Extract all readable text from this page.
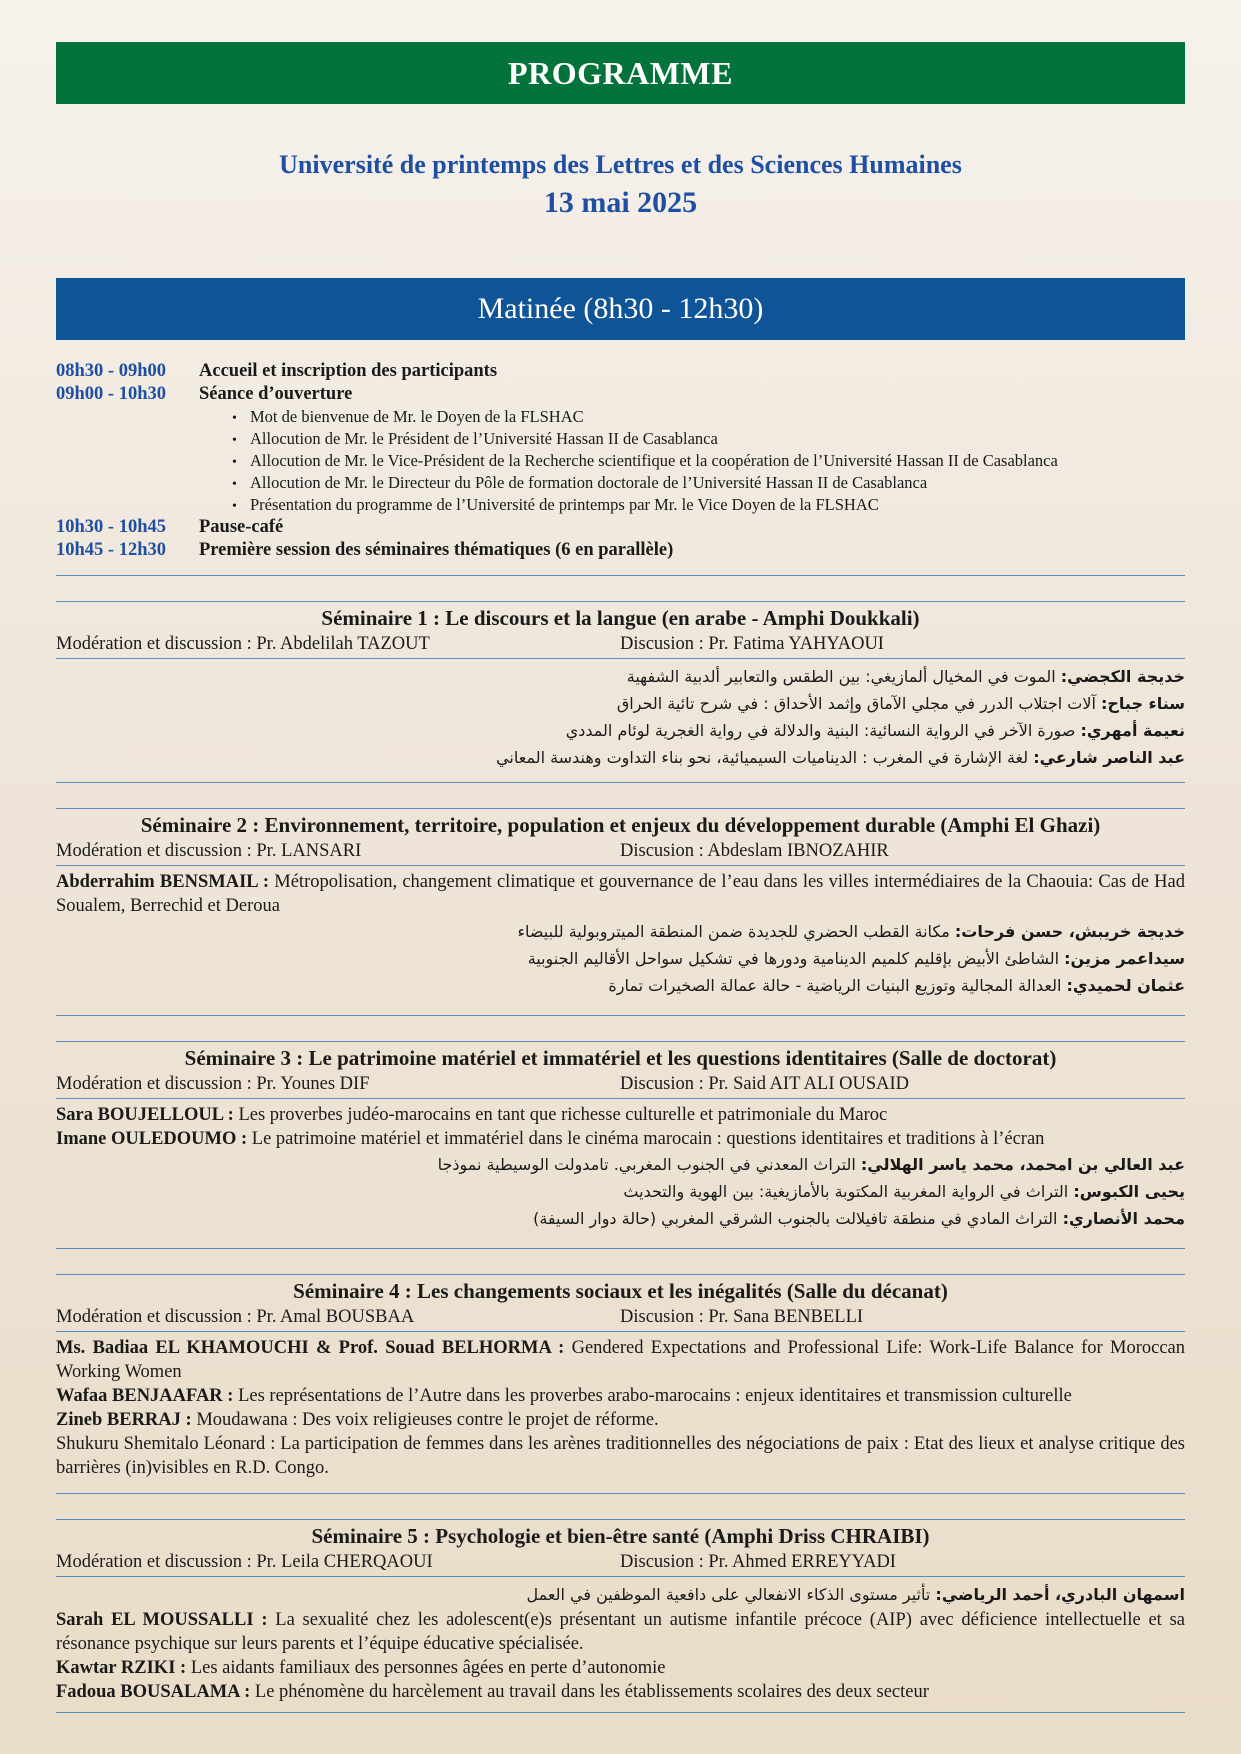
PROGRAMME
Université de printemps des Lettres et des Sciences Humaines
13 mai 2025
Matinée (8h30 - 12h30)
08h30 - 09h00	Accueil et inscription des participants
09h00 - 10h30	Séance d’ouverture
• Mot de bienvenue de Mr. le Doyen de la FLSHAC
• Allocution de Mr. le Président de l’Université Hassan II de Casablanca
• Allocution de Mr. le Vice-Président de la Recherche scientifique et la coopération de l’Université Hassan II de Casablanca
• Allocution de Mr. le Directeur du Pôle de formation doctorale de l’Université Hassan II de Casablanca
• Présentation du programme de l’Université de printemps par Mr. le Vice Doyen de la FLSHAC
10h30 - 10h45	Pause-café
10h45 - 12h30	Première session des séminaires thématiques (6 en parallèle)
Séminaire 1 : Le discours et la langue (en arabe - Amphi Doukkali)
Modération et discussion : Pr. Abdelilah TAZOUT	Discusion : Pr. Fatima YAHYAOUI
خديجة الكجضي: الموت في المخيال ألمازيغي: بين الطقس والتعابير ألدبية الشفهية
سناء جباح: آلات اجتلاب الدرر في مجلي الآماق وإثمد الأحداق : في شرح تائية الحراق
نعيمة أمهري: صورة الآخر في الرواية النسائية: البنية والدلالة في رواية الغجرية لوئام المددي
عبد الناصر شارعي: لغة الإشارة في المغرب : الديناميات السيميائية، نحو بناء التداوت وهندسة المعاني
Séminaire 2 : Environnement, territoire, population et enjeux du développement durable (Amphi El Ghazi)
Modération et discussion : Pr. LANSARI	Discusion : Abdeslam IBNOZAHIR
Abderrahim BENSMAIL : Métropolisation, changement climatique et gouvernance de l’eau dans les villes intermédiaires de la Chaouia: Cas de Had Soualem, Berrechid et Deroua
خديجة خريبش، حسن فرحات: مكانة القطب الحضري للجديدة ضمن المنطقة الميتروبولية للبيضاء
سيداعمر مزين: الشاطئ الأبيض بإقليم كلميم الدينامية ودورها في تشكيل سواحل الأقاليم الجنوبية
عثمان لحميدي: العدالة المجالية وتوزيع البنيات الرياضية - حالة عمالة الصخيرات تمارة
Séminaire 3 : Le patrimoine matériel et immatériel et les questions identitaires (Salle de doctorat)
Modération et discussion : Pr. Younes DIF	Discusion : Pr. Said AIT ALI OUSAID
Sara BOUJELLOUL : Les proverbes judéo-marocains en tant que richesse culturelle et patrimoniale du Maroc
Imane OULEDOUMO : Le patrimoine matériel et immatériel dans le cinéma marocain : questions identitaires et traditions à l’écran
عبد العالي بن امحمد، محمد ياسر الهلالي: التراث المعدني في الجنوب المغربي. تامدولت الوسيطية نموذجا
يحيى الكبوس: التراث في الرواية المغربية المكتوبة بالأمازيغية: بين الهوية والتحديث
محمد الأنصاري: التراث المادي في منطقة تافيلالت بالجنوب الشرقي المغربي (حالة دوار السيفة)
Séminaire 4 : Les changements sociaux et les inégalités (Salle du décanat)
Modération et discussion : Pr. Amal BOUSBAA	Discusion : Pr. Sana BENBELLI
Ms. Badiaa EL KHAMOUCHI & Prof. Souad BELHORMA : Gendered Expectations and Professional Life: Work-Life Balance for Moroccan Working Women
Wafaa BENJAAFAR : Les représentations de l’Autre dans les proverbes arabo-marocains : enjeux identitaires et transmission culturelle
Zineb BERRAJ : Moudawana : Des voix religieuses contre le projet de réforme.
Shukuru Shemitalo Léonard : La participation de femmes dans les arènes traditionnelles des négociations de paix : Etat des lieux et analyse critique des barrières (in)visibles en R.D. Congo.
Séminaire 5 : Psychologie et bien-être santé (Amphi Driss CHRAIBI)
Modération et discussion : Pr. Leila CHERQAOUI	Discusion : Pr. Ahmed ERREYYADI
اسمهان البادري، أحمد الرياضي: تأثير مستوى الذكاء الانفعالي على دافعية الموظفين في العمل
Sarah EL MOUSSALLI : La sexualité chez les adolescent(e)s présentant un autisme infantile précoce (AIP) avec déficience intellectuelle et sa résonance psychique sur leurs parents et l’équipe éducative spécialisée.
Kawtar RZIKI : Les aidants familiaux des personnes âgées en perte d’autonomie
Fadoua BOUSALAMA : Le phénomène du harcèlement au travail dans les établissements scolaires des deux secteur
